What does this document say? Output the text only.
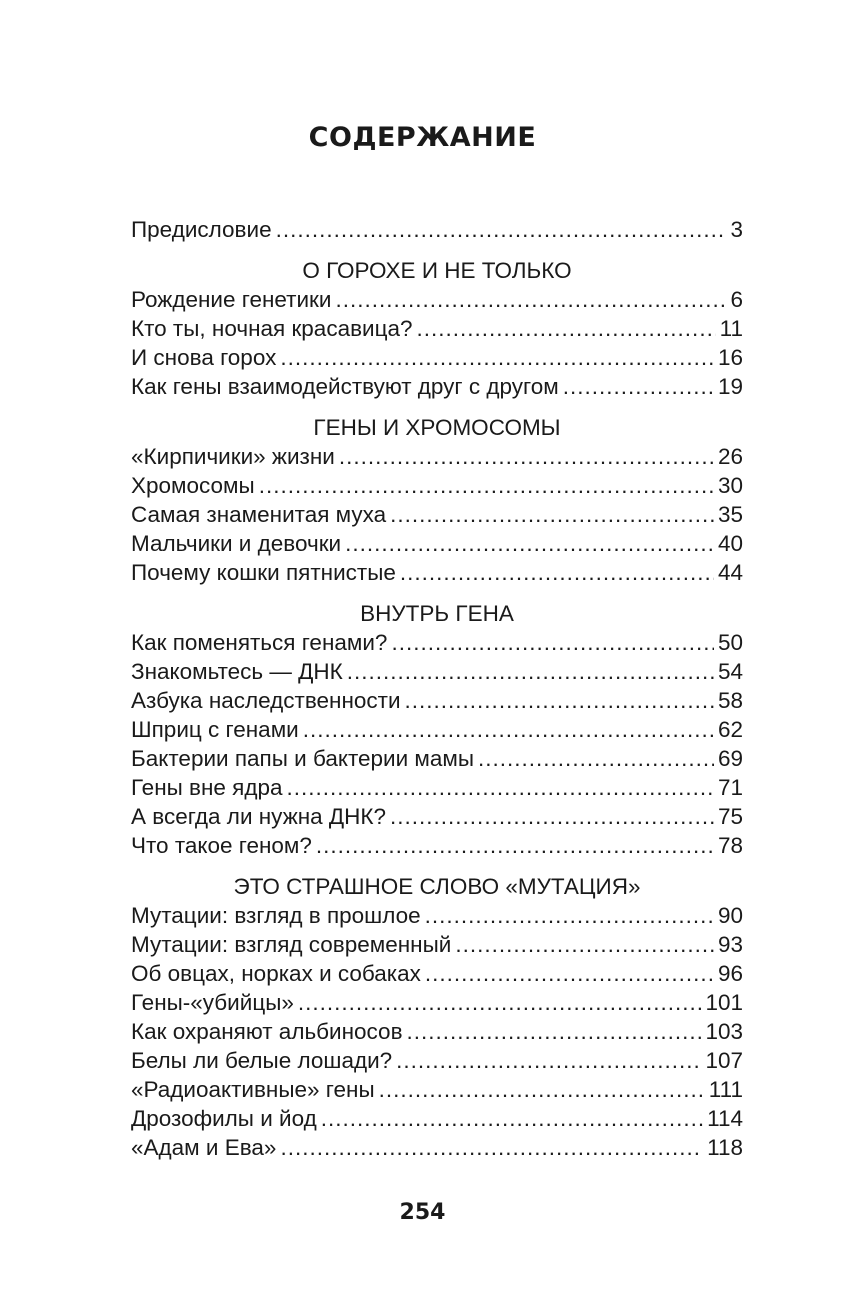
СОДЕРЖАНИЕ
Предисловие .....	3
О ГОРОХЕ И НЕ ТОЛЬКО
Рождение генетики .....	6
Кто ты, ночная красавица? .....	11
И снова горох .....	16
Как гены взаимодействуют друг с другом .....	19
ГЕНЫ И ХРОМОСОМЫ
«Кирпичики» жизни .....	26
Хромосомы .....	30
Самая знаменитая муха .....	35
Мальчики и девочки .....	40
Почему кошки пятнистые .....	44
ВНУТРЬ ГЕНА
Как поменяться генами? .....	50
Знакомьтесь — ДНК .....	54
Азбука наследственности .....	58
Шприц с генами .....	62
Бактерии папы и бактерии мамы .....	69
Гены вне ядра .....	71
А всегда ли нужна ДНК? .....	75
Что такое геном? .....	78
ЭТО СТРАШНОЕ СЛОВО «МУТАЦИЯ»
Мутации: взгляд в прошлое .....	90
Мутации: взгляд современный .....	93
Об овцах, норках и собаках .....	96
Гены-«убийцы» .....	101
Как охраняют альбиносов .....	103
Белы ли белые лошади? .....	107
«Радиоактивные» гены .....	111
Дрозофилы и йод .....	114
«Адам и Ева» .....	118
254
